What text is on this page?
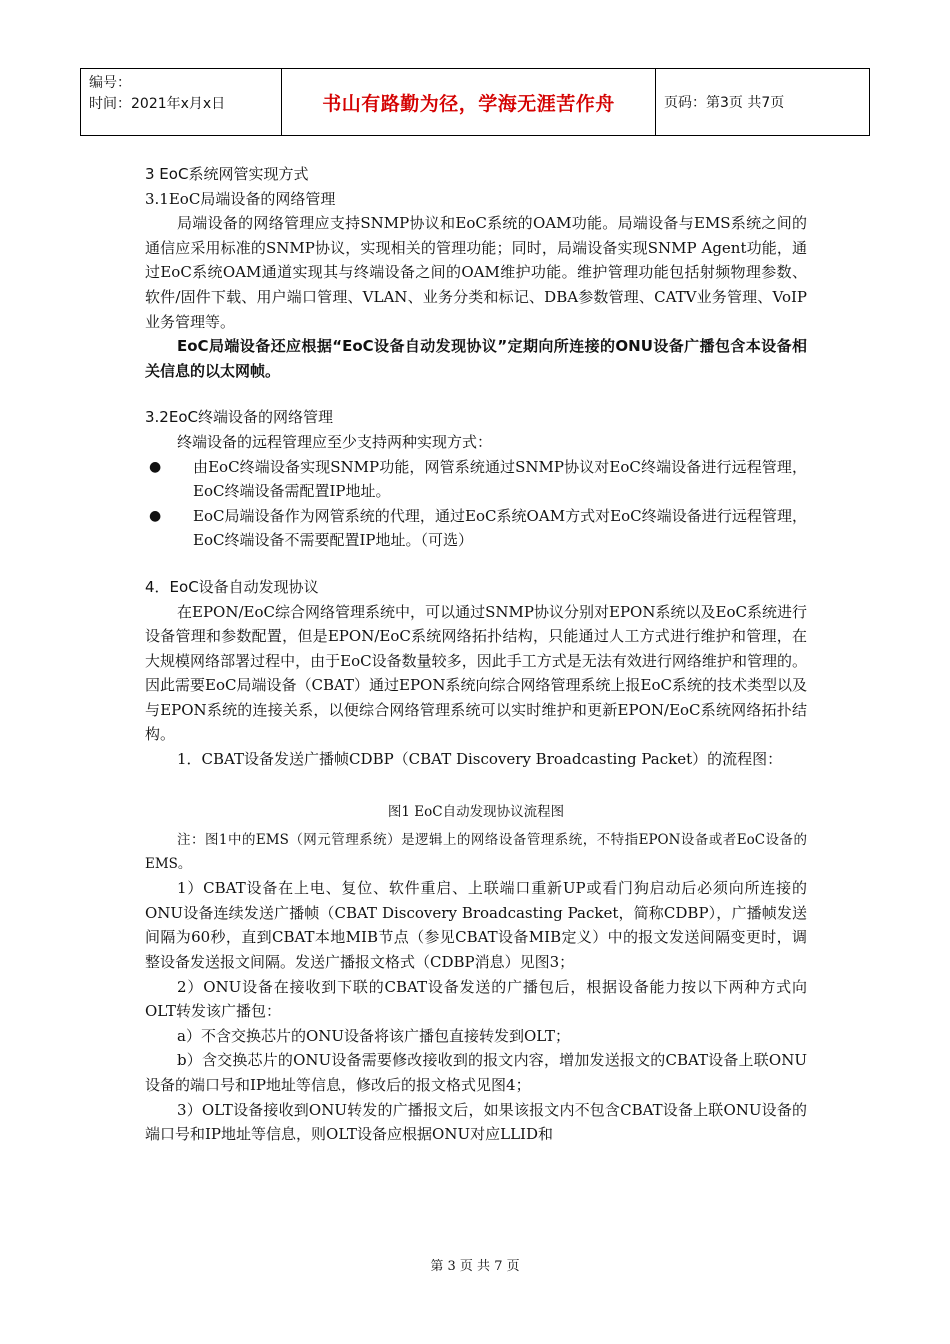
编号：
时间：2021年x月x日	书山有路勤为径，学海无涯苦作舟	页码：第3页 共7页

3 EoC系统网管实现方式

3.1EoC局端设备的网络管理

局端设备的网络管理应支持SNMP协议和EoC系统的OAM功能。局端设备与EMS系统之间的通信应采用标准的SNMP协议，实现相关的管理功能；同时，局端设备实现SNMP Agent功能，通过EoC系统OAM通道实现其与终端设备之间的OAM维护功能。维护管理功能包括射频物理参数、软件/固件下载、用户端口管理、VLAN、业务分类和标记、DBA参数管理、CATV业务管理、VoIP业务管理等。

EoC局端设备还应根据“EoC设备自动发现协议”定期向所连接的ONU设备广播包含本设备相关信息的以太网帧。

3.2EoC终端设备的网络管理

终端设备的远程管理应至少支持两种实现方式：

●	由EoC终端设备实现SNMP功能，网管系统通过SNMP协议对EoC终端设备进行远程管理，EoC终端设备需配置IP地址。
●	EoC局端设备作为网管系统的代理，通过EoC系统OAM方式对EoC终端设备进行远程管理，EoC终端设备不需要配置IP地址。（可选）

4．EoC设备自动发现协议

在EPON/EoC综合网络管理系统中，可以通过SNMP协议分别对EPON系统以及EoC系统进行设备管理和参数配置，但是EPON/EoC系统网络拓扑结构，只能通过人工方式进行维护和管理，在大规模网络部署过程中，由于EoC设备数量较多，因此手工方式是无法有效进行网络维护和管理的。因此需要EoC局端设备（CBAT）通过EPON系统向综合网络管理系统上报EoC系统的技术类型以及与EPON系统的连接关系，以便综合网络管理系统可以实时维护和更新EPON/EoC系统网络拓扑结构。

1．CBAT设备发送广播帧CDBP（CBAT Discovery Broadcasting Packet）的流程图：

图1 EoC自动发现协议流程图

注：图1中的EMS（网元管理系统）是逻辑上的网络设备管理系统，不特指EPON设备或者EoC设备的EMS。

1）CBAT设备在上电、复位、软件重启、上联端口重新UP或看门狗启动后必须向所连接的ONU设备连续发送广播帧（CBAT Discovery Broadcasting Packet，简称CDBP），广播帧发送间隔为60秒，直到CBAT本地MIB节点（参见CBAT设备MIB定义）中的报文发送间隔变更时，调整设备发送报文间隔。发送广播报文格式（CDBP消息）见图3；

2）ONU设备在接收到下联的CBAT设备发送的广播包后，根据设备能力按以下两种方式向OLT转发该广播包：

a）不含交换芯片的ONU设备将该广播包直接转发到OLT；

b）含交换芯片的ONU设备需要修改接收到的报文内容，增加发送报文的CBAT设备上联ONU设备的端口号和IP地址等信息，修改后的报文格式见图4；

3）OLT设备接收到ONU转发的广播报文后，如果该报文内不包含CBAT设备上联ONU设备的端口号和IP地址等信息，则OLT设备应根据ONU对应LLID和

第 3 页 共 7 页
